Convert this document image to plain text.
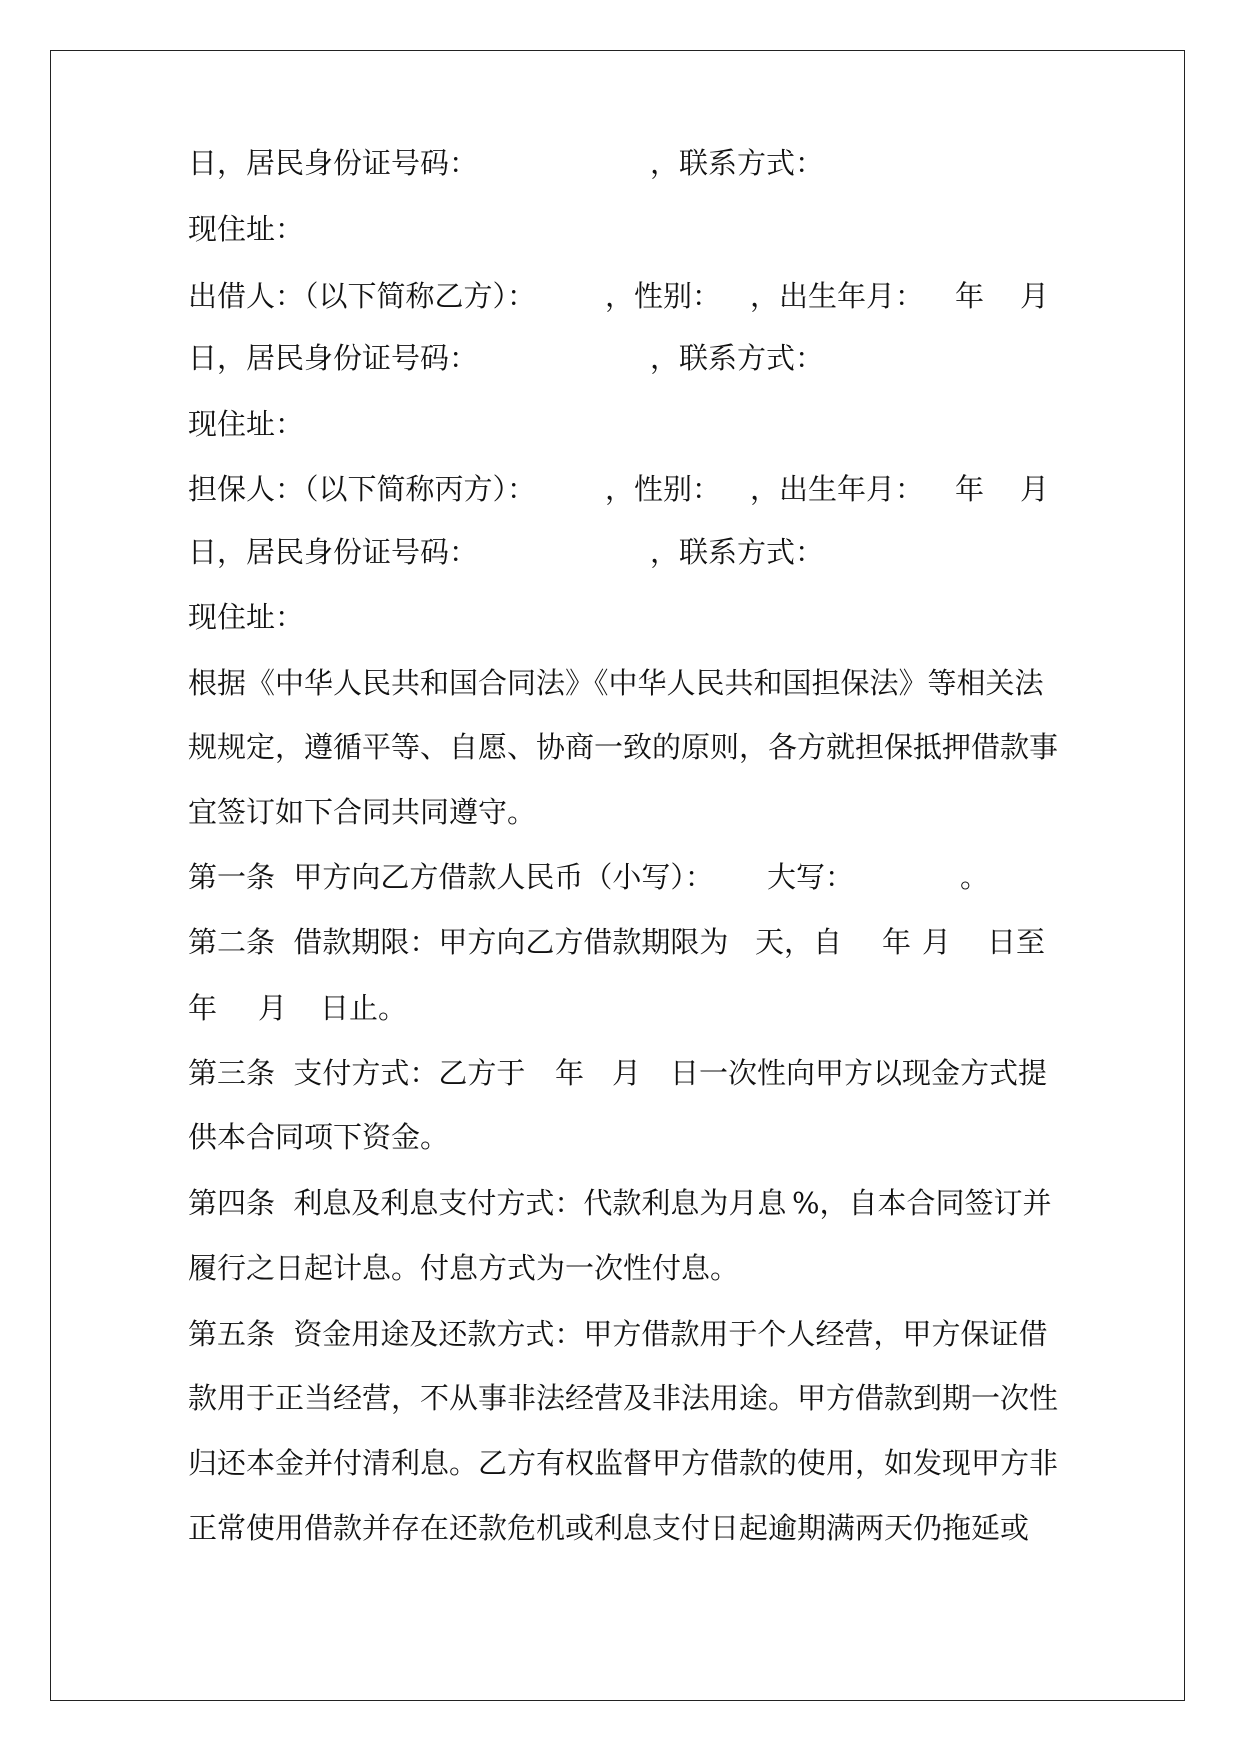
日，居民身份证号码：	，联系方式：
现住址：
出借人：（以下简称乙方）： ，性别： ，出生年月： 年 月
日，居民身份证号码：	，联系方式：
现住址：
担保人：（以下简称丙方）： ，性别： ，出生年月： 年 月
日，居民身份证号码：	，联系方式：
现住址：
根据《中华人民共和国合同法》《中华人民共和国担保法》等相关法
规规定，遵循平等、自愿、协商一致的原则，各方就担保抵押借款事
宜签订如下合同共同遵守。
第一条  甲方向乙方借款人民币（小写）： 大写：	。
第二条  借款期限：甲方向乙方借款期限为 天，自 年 月 日至
年 月 日止。
第三条  支付方式：乙方于 年 月 日一次性向甲方以现金方式提
供本合同项下资金。
第四条  利息及利息支付方式：代款利息为月息 %，自本合同签订并
履行之日起计息。付息方式为一次性付息。
第五条  资金用途及还款方式：甲方借款用于个人经营，甲方保证借
款用于正当经营，不从事非法经营及非法用途。甲方借款到期一次性
归还本金并付清利息。乙方有权监督甲方借款的使用，如发现甲方非
正常使用借款并存在还款危机或利息支付日起逾期满两天仍拖延或
